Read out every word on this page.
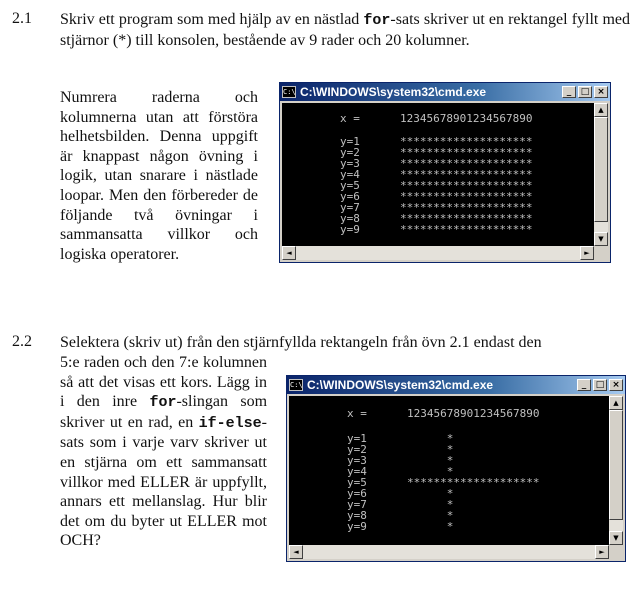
2.1 Skriv ett program som med hjälp av en nästlad for-sats skriver ut en rektangel fyllt med stjärnor (*) till konsolen, bestående av 9 rader och 20 kolumner.

Numrera raderna och kolumnerna utan att förstöra helhetsbilden. Denna uppgift är knappast någon övning i logik, utan snarare i nästlade loopar. Men den förbereder de följande två övningar i sammansatta villkor och logiska operatorer.

C:\ C:\WINDOWS\system32\cmd.exe	_	□ ×
x =	12345678901234567890
y=1	********************
y=2	********************
y=3	********************
y=4	********************
y=5	********************
y=6	********************
y=7	********************
y=8	********************
y=9	********************
▲
▼
◄	►
2.2 Selektera (skriv ut) från den stjärnfyllda rektangeln från övn 2.1 endast den

5:e raden och den 7:e kolumnen så att det visas ett kors. Lägg in i den inre for-slingan som skriver ut en rad, en if-else-sats som i varje varv skriver ut en stjärna om ett sammansatt villkor med ELLER är uppfyllt, annars ett mellanslag. Hur blir det om du byter ut ELLER mot OCH?

C:\ C:\WINDOWS\system32\cmd.exe	_	□ ×
x =	12345678901234567890
y=1	*
y=2	*
y=3	*
y=4	*
y=5	********************
y=6	*
y=7	*
y=8	*
y=9	*
▲
▼
◄	►
